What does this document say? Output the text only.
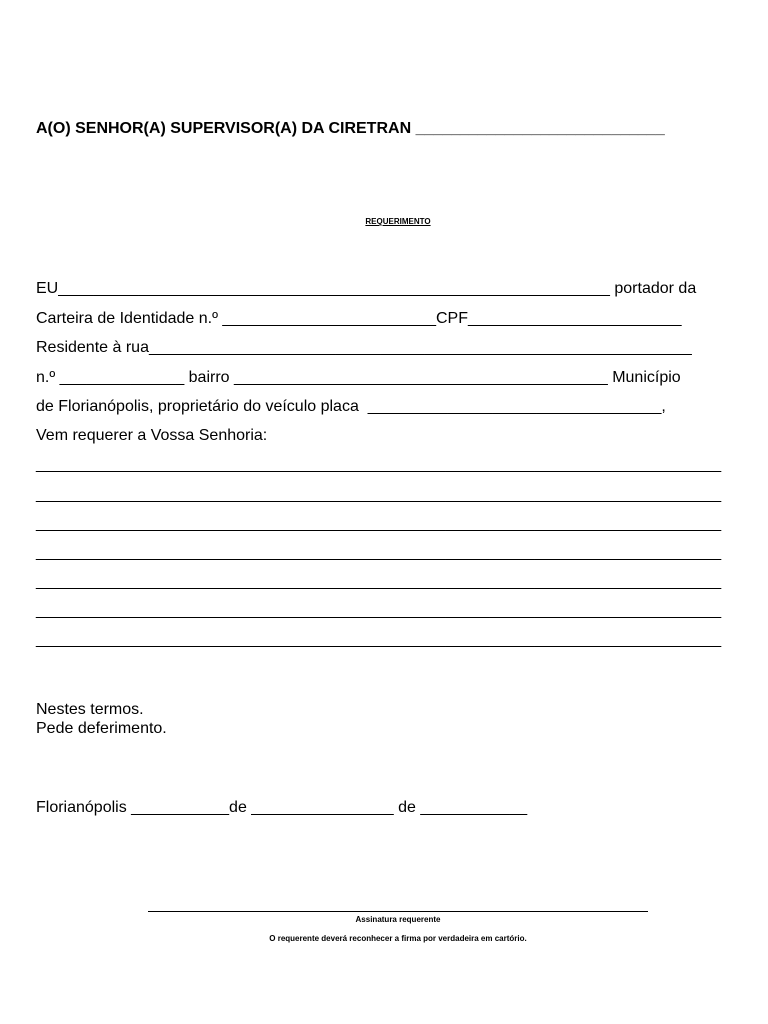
A(O) SENHOR(A) SUPERVISOR(A) DA CIRETRAN ____________________________
REQUERIMENTO
EU______________________________________________________________ portador da
Carteira de Identidade n.º ________________________CPF________________________
Residente à rua_____________________________________________________________
n.º ______________ bairro __________________________________________ Município
de Florianópolis, proprietário do veículo placa  _________________________________,
Vem requerer a Vossa Senhoria:
_____________________________________________________________________________
_____________________________________________________________________________
_____________________________________________________________________________
_____________________________________________________________________________
_____________________________________________________________________________
_____________________________________________________________________________
_____________________________________________________________________________
Nestes termos.
Pede deferimento.
Florianópolis ___________de ________________ de ____________
Assinatura requerente
O requerente deverá reconhecer a firma por verdadeira em cartório.
